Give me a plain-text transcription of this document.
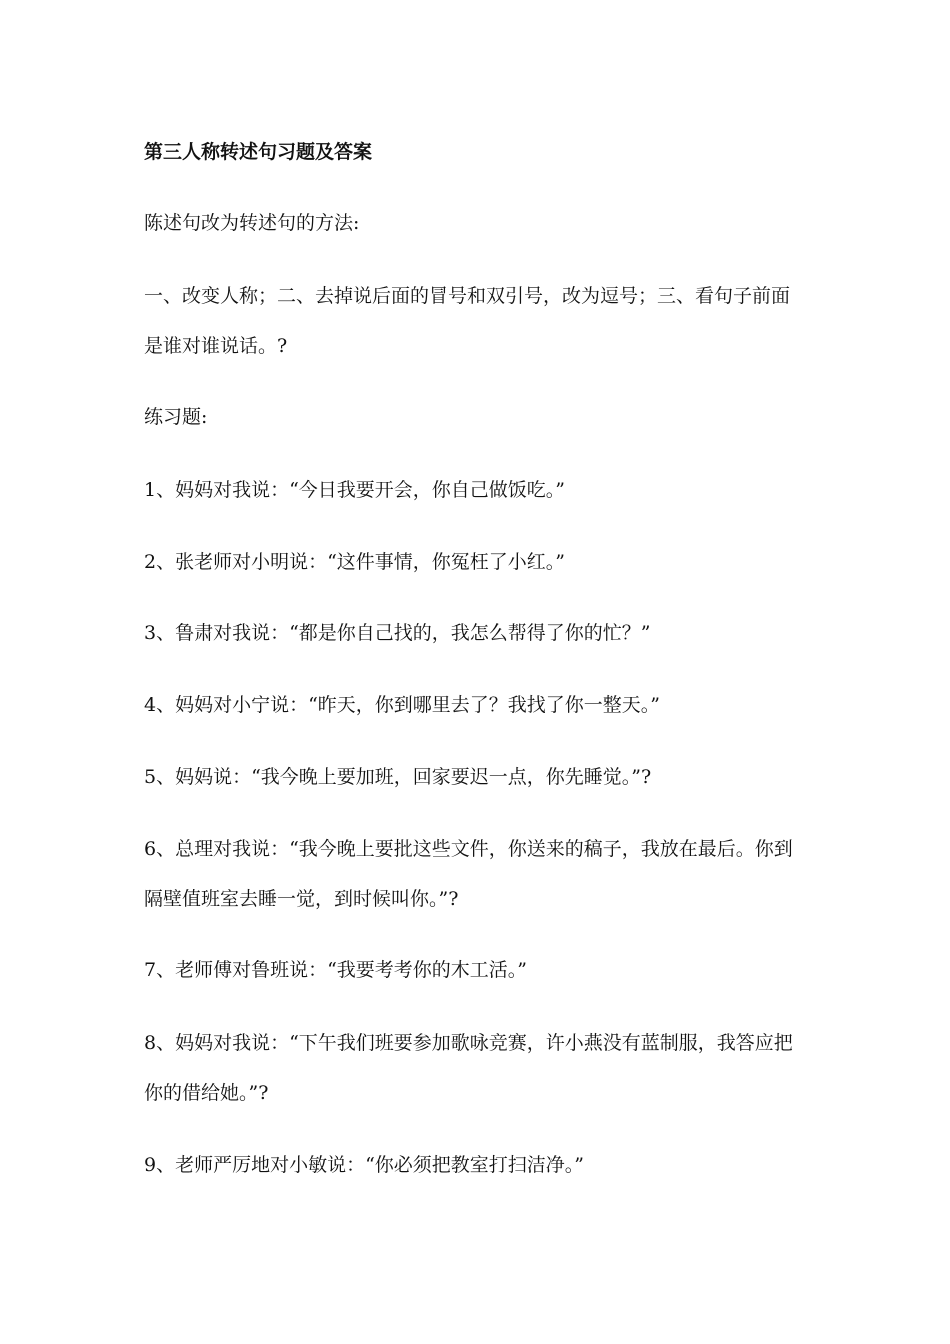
第三人称转述句习题及答案
陈述句改为转述句的方法:
一、改变人称；二、去掉说后面的冒号和双引号，改为逗号；三、看句子前面
是谁对谁说话。?
练习题:
1、妈妈对我说：“今日我要开会，你自己做饭吃。”
2、张老师对小明说：“这件事情，你冤枉了小红。”
3、鲁肃对我说：“都是你自己找的，我怎么帮得了你的忙？”
4、妈妈对小宁说：“昨天，你到哪里去了？我找了你一整天。”
5、妈妈说：“我今晚上要加班，回家要迟一点，你先睡觉。”?
6、总理对我说：“我今晚上要批这些文件，你送来的稿子，我放在最后。你到
隔壁值班室去睡一觉，到时候叫你。”?
7、老师傅对鲁班说：“我要考考你的木工活。”
8、妈妈对我说：“下午我们班要参加歌咏竞赛，许小燕没有蓝制服，我答应把
你的借给她。”?
9、老师严厉地对小敏说：“你必须把教室打扫洁净。”
